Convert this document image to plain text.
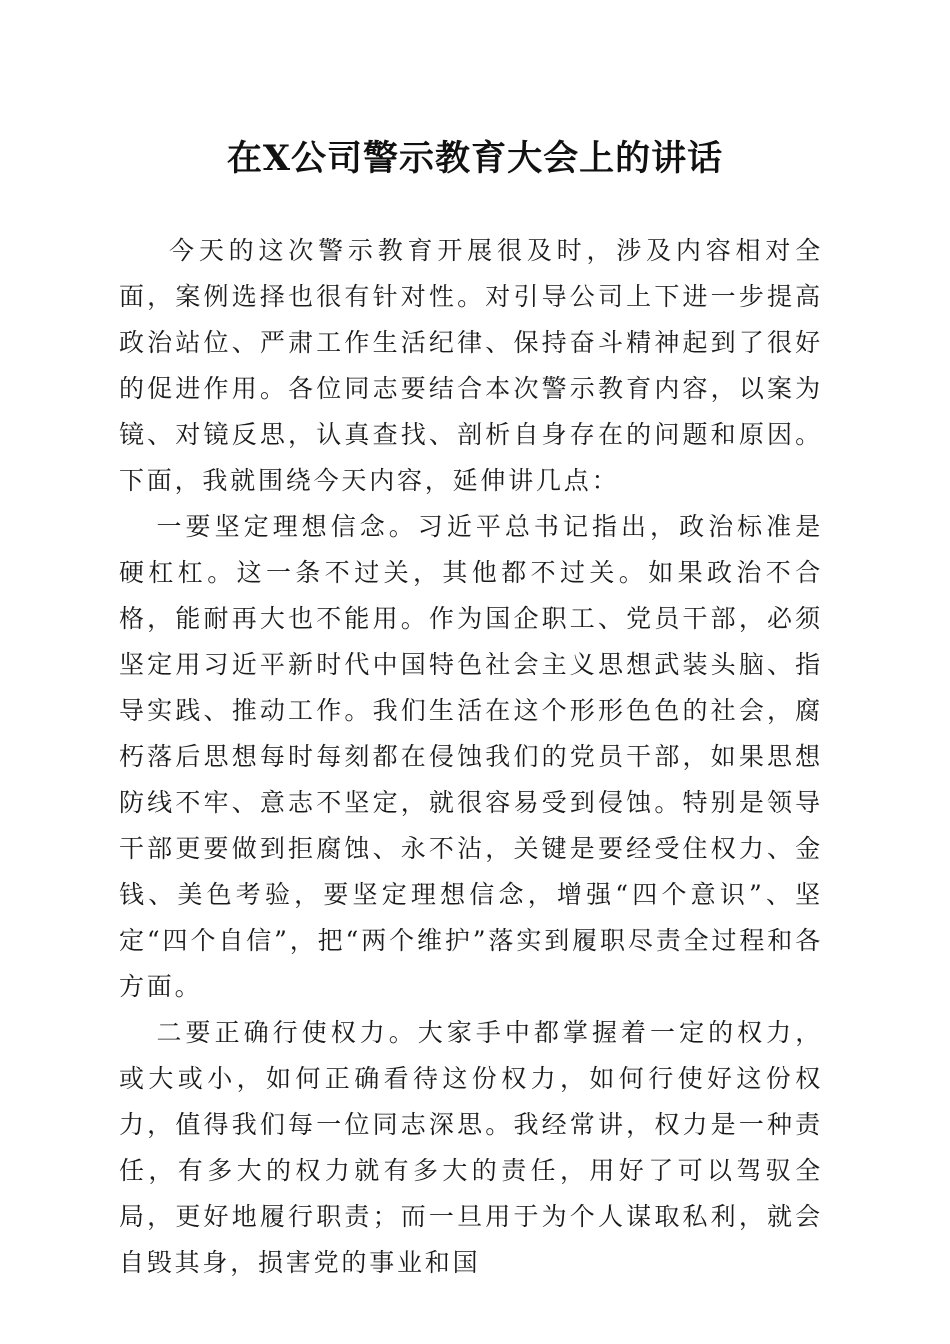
在X公司警示教育大会上的讲话

今天的这次警示教育开展很及时，涉及内容相对全面，案例选择也很有针对性。对引导公司上下进一步提高政治站位、严肃工作生活纪律、保持奋斗精神起到了很好的促进作用。各位同志要结合本次警示教育内容，以案为镜、对镜反思，认真查找、剖析自身存在的问题和原因。下面，我就围绕今天内容，延伸讲几点：

一要坚定理想信念。习近平总书记指出，政治标准是硬杠杠。这一条不过关，其他都不过关。如果政治不合格，能耐再大也不能用。作为国企职工、党员干部，必须坚定用习近平新时代中国特色社会主义思想武装头脑、指导实践、推动工作。我们生活在这个形形色色的社会，腐朽落后思想每时每刻都在侵蚀我们的党员干部，如果思想防线不牢、意志不坚定，就很容易受到侵蚀。特别是领导干部更要做到拒腐蚀、永不沾，关键是要经受住权力、金钱、美色考验，要坚定理想信念，增强“四个意识”、坚定“四个自信”，把“两个维护”落实到履职尽责全过程和各方面。

二要正确行使权力。大家手中都掌握着一定的权力，或大或小，如何正确看待这份权力，如何行使好这份权力，值得我们每一位同志深思。我经常讲，权力是一种责任，有多大的权力就有多大的责任，用好了可以驾驭全局，更好地履行职责；而一旦用于为个人谋取私利，就会自毁其身，损害党的事业和国
